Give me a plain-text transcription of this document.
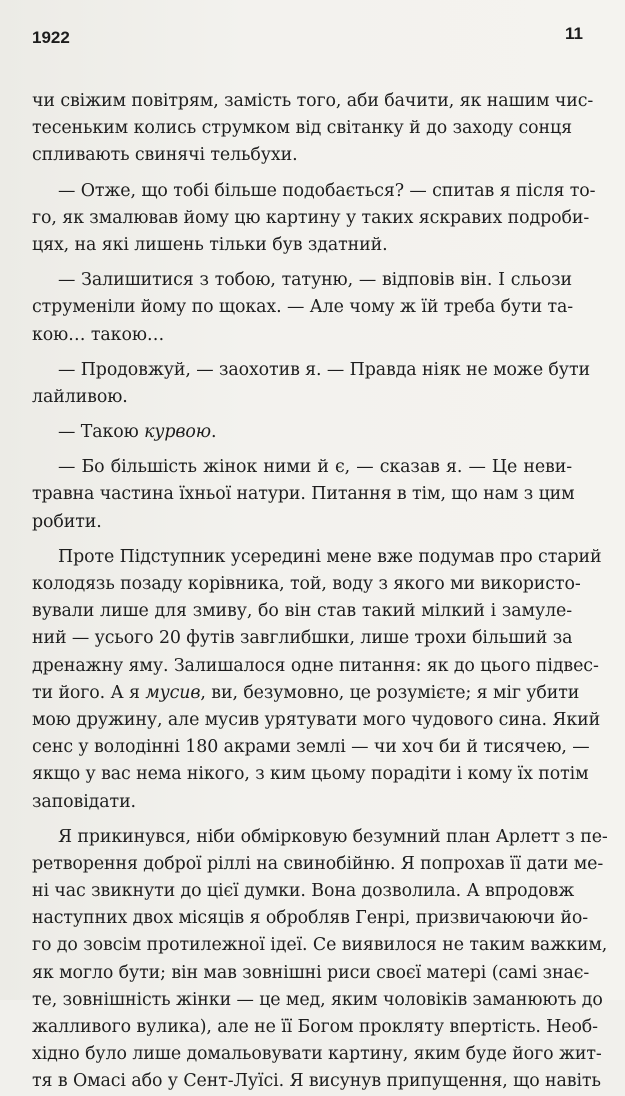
1922	11
чи свіжим повітрям, замість того, аби бачити, як нашим чис-
тесеньким колись струмком від світанку й до заходу сонця
спливають свинячі тельбухи.
— Отже, що тобі більше подобається? — спитав я після то-
го, як змалював йому цю картину у таких яскравих подроби-
цях, на які лишень тільки був здатний.
— Залишитися з тобою, татуню, — відповів він. І сльози
струменіли йому по щоках. — Але чому ж їй треба бути та-
кою… такою…
— Продовжуй, — заохотив я. — Правда ніяк не може бути
лайливою.
— Такою курвою.
— Бо більшість жінок ними й є, — сказав я. — Це неви-
травна частина їхньої натури. Питання в тім, що нам з цим
робити.
Проте Підступник усередині мене вже подумав про старий
колодязь позаду корівника, той, воду з якого ми використо-
вували лише для змиву, бо він став такий мілкий і замуле-
ний — усього 20 футів завглибшки, лише трохи більший за
дренажну яму. Залишалося одне питання: як до цього підвес-
ти його. А я мусив, ви, безумовно, це розумієте; я міг убити
мою дружину, але мусив урятувати мого чудового сина. Який
сенс у володінні 180 акрами землі — чи хоч би й тисячею, —
якщо у вас нема нікого, з ким цьому порадіти і кому їх потім
заповідати.
Я прикинувся, ніби обмірковую безумний план Арлетт з пе-
ретворення доброї ріллі на свинобійню. Я попрохав її дати ме-
ні час звикнути до цієї думки. Вона дозволила. А впродовж
наступних двох місяців я обробляв Генрі, призвичаюючи йо-
го до зовсім протилежної ідеї. Се виявилося не таким важким,
як могло бути; він мав зовнішні риси своєї матері (самі знає-
те, зовнішність жінки — це мед, яким чоловіків заманюють до
жалливого вулика), але не її Богом прокляту впертість. Необ-
хідно було лише домальовувати картину, яким буде його жит-
тя в Омасі або у Сент-Луїсі. Я висунув припущення, що навіть
